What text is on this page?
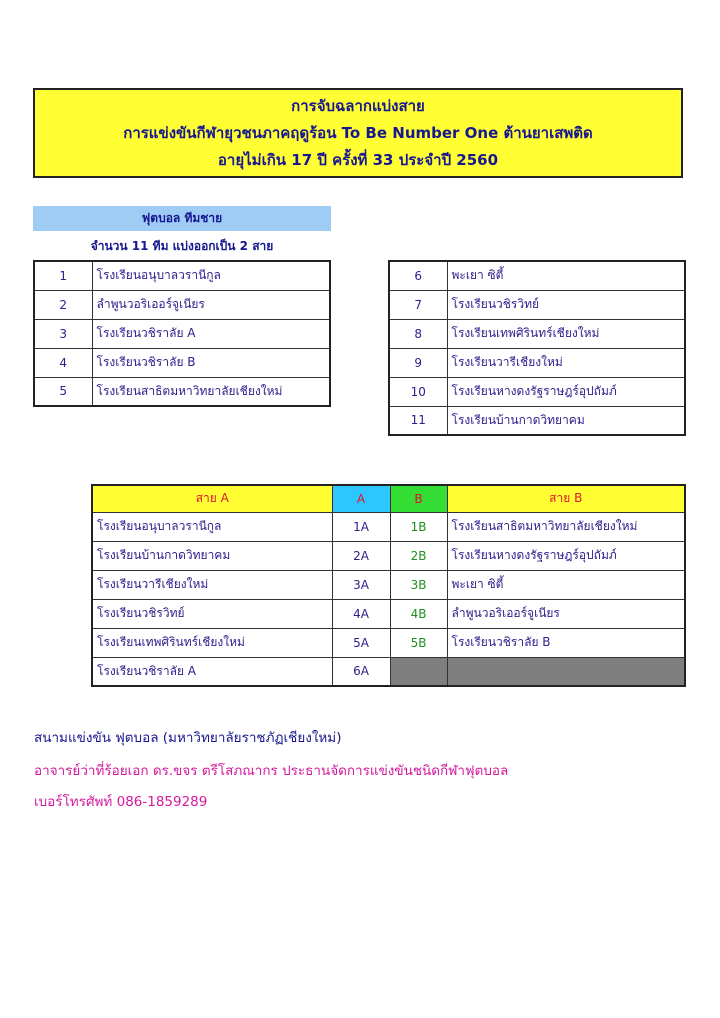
การจับฉลากแบ่งสาย
การแข่งขันกีฬายุวชนภาคฤดูร้อน To Be Number One ต้านยาเสพติด
อายุไม่เกิน 17 ปี ครั้งที่ 33 ประจำปี 2560
ฟุตบอล ทีมชาย
จำนวน 11 ทีม แบ่งออกเป็น 2 สาย
1	โรงเรียนอนุบาลวรานีกูล
2	ลำพูนวอริเออร์จูเนียร
3	โรงเรียนวชิราลัย A
4	โรงเรียนวชิราลัย B
5	โรงเรียนสาธิตมหาวิทยาลัยเชียงใหม่
6	พะเยา ซิตี้
7	โรงเรียนวชิรวิทย์
8	โรงเรียนเทพศิรินทร์เชียงใหม่
9	โรงเรียนวารีเชียงใหม่
10	โรงเรียนหางดงรัฐราษฎร์อุปถัมภ์
11	โรงเรียนบ้านกาดวิทยาคม
สาย A	A	B	สาย B
โรงเรียนอนุบาลวรานีกูล	1A	1B	โรงเรียนสาธิตมหาวิทยาลัยเชียงใหม่
โรงเรียนบ้านกาดวิทยาคม	2A	2B	โรงเรียนหางดงรัฐราษฎร์อุปถัมภ์
โรงเรียนวารีเชียงใหม่	3A	3B	พะเยา ซิตี้
โรงเรียนวชิรวิทย์	4A	4B	ลำพูนวอริเออร์จูเนียร
โรงเรียนเทพศิรินทร์เชียงใหม่	5A	5B	โรงเรียนวชิราลัย B
โรงเรียนวชิราลัย A	6A		
สนามแข่งขัน ฟุตบอล (มหาวิทยาลัยราชภัฏเชียงใหม่)
อาจารย์ว่าที่ร้อยเอก ดร.ขจร ตรีโสภณากร ประธานจัดการแข่งขันชนิดกีฬาฟุตบอล
เบอร์โทรศัพท์ 086-1859289
